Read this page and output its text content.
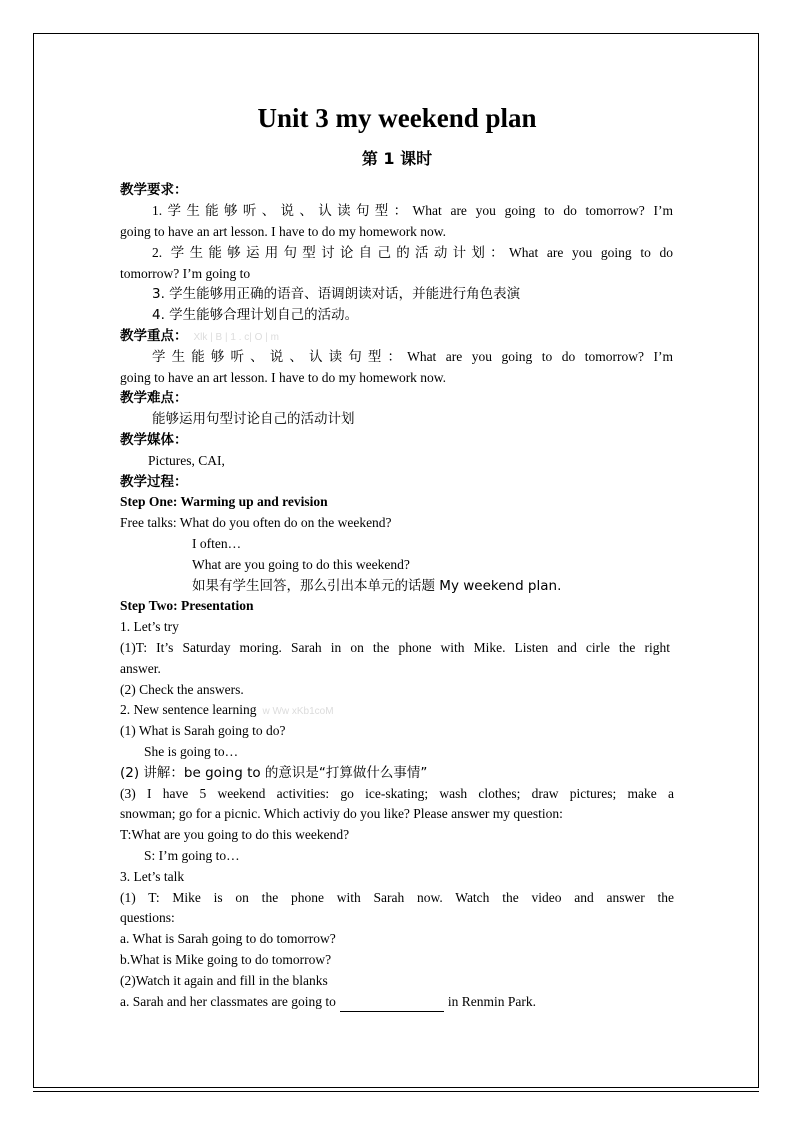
Unit 3 my weekend plan
第 1 课时
教学要求：
1.学生能够听、说、认读句型：What are you going to do tomorrow? I’m
going to have an art lesson. I have to do my homework now.
2. 学生能够运用句型讨论自己的活动计划：What are you going to do
tomorrow? I’m going to
3. 学生能够用正确的语音、语调朗读对话，并能进行角色表演
4. 学生能够合理计划自己的活动。
教学重点： Xlk | B | 1 . c| O | m
学生能够听、说、认读句型：What are you going to do tomorrow? I’m
going to have an art lesson. I have to do my homework now.
教学难点：
能够运用句型讨论自己的活动计划
教学媒体：
Pictures, CAI,
教学过程：
Step One: Warming up and revision
Free talks: What do you often do on the weekend?
I often…
What are you going to do this weekend?
如果有学生回答，那么引出本单元的话题 My weekend plan.
Step Two: Presentation
1. Let’s try
(1)T: It’s Saturday moring. Sarah in on the phone with Mike. Listen and cirle the right
answer.
(2) Check the answers.
2. New sentence learning w Ww xKb1coM
(1) What is Sarah going to do?
She is going to…
(2) 讲解：be going to 的意识是“打算做什么事情”
(3) I have 5 weekend activities: go ice-skating; wash clothes; draw pictures; make a
snowman; go for a picnic. Which activiy do you like? Please answer my question:
T:What are you going to do this weekend?
S: I’m going to…
3. Let’s talk
(1) T: Mike is on the phone with Sarah now. Watch the video and answer the
questions:
a. What is Sarah going to do tomorrow?
b.What is Mike going to do tomorrow?
(2)Watch it again and fill in the blanks
a. Sarah and her classmates are going to	in Renmin Park.
